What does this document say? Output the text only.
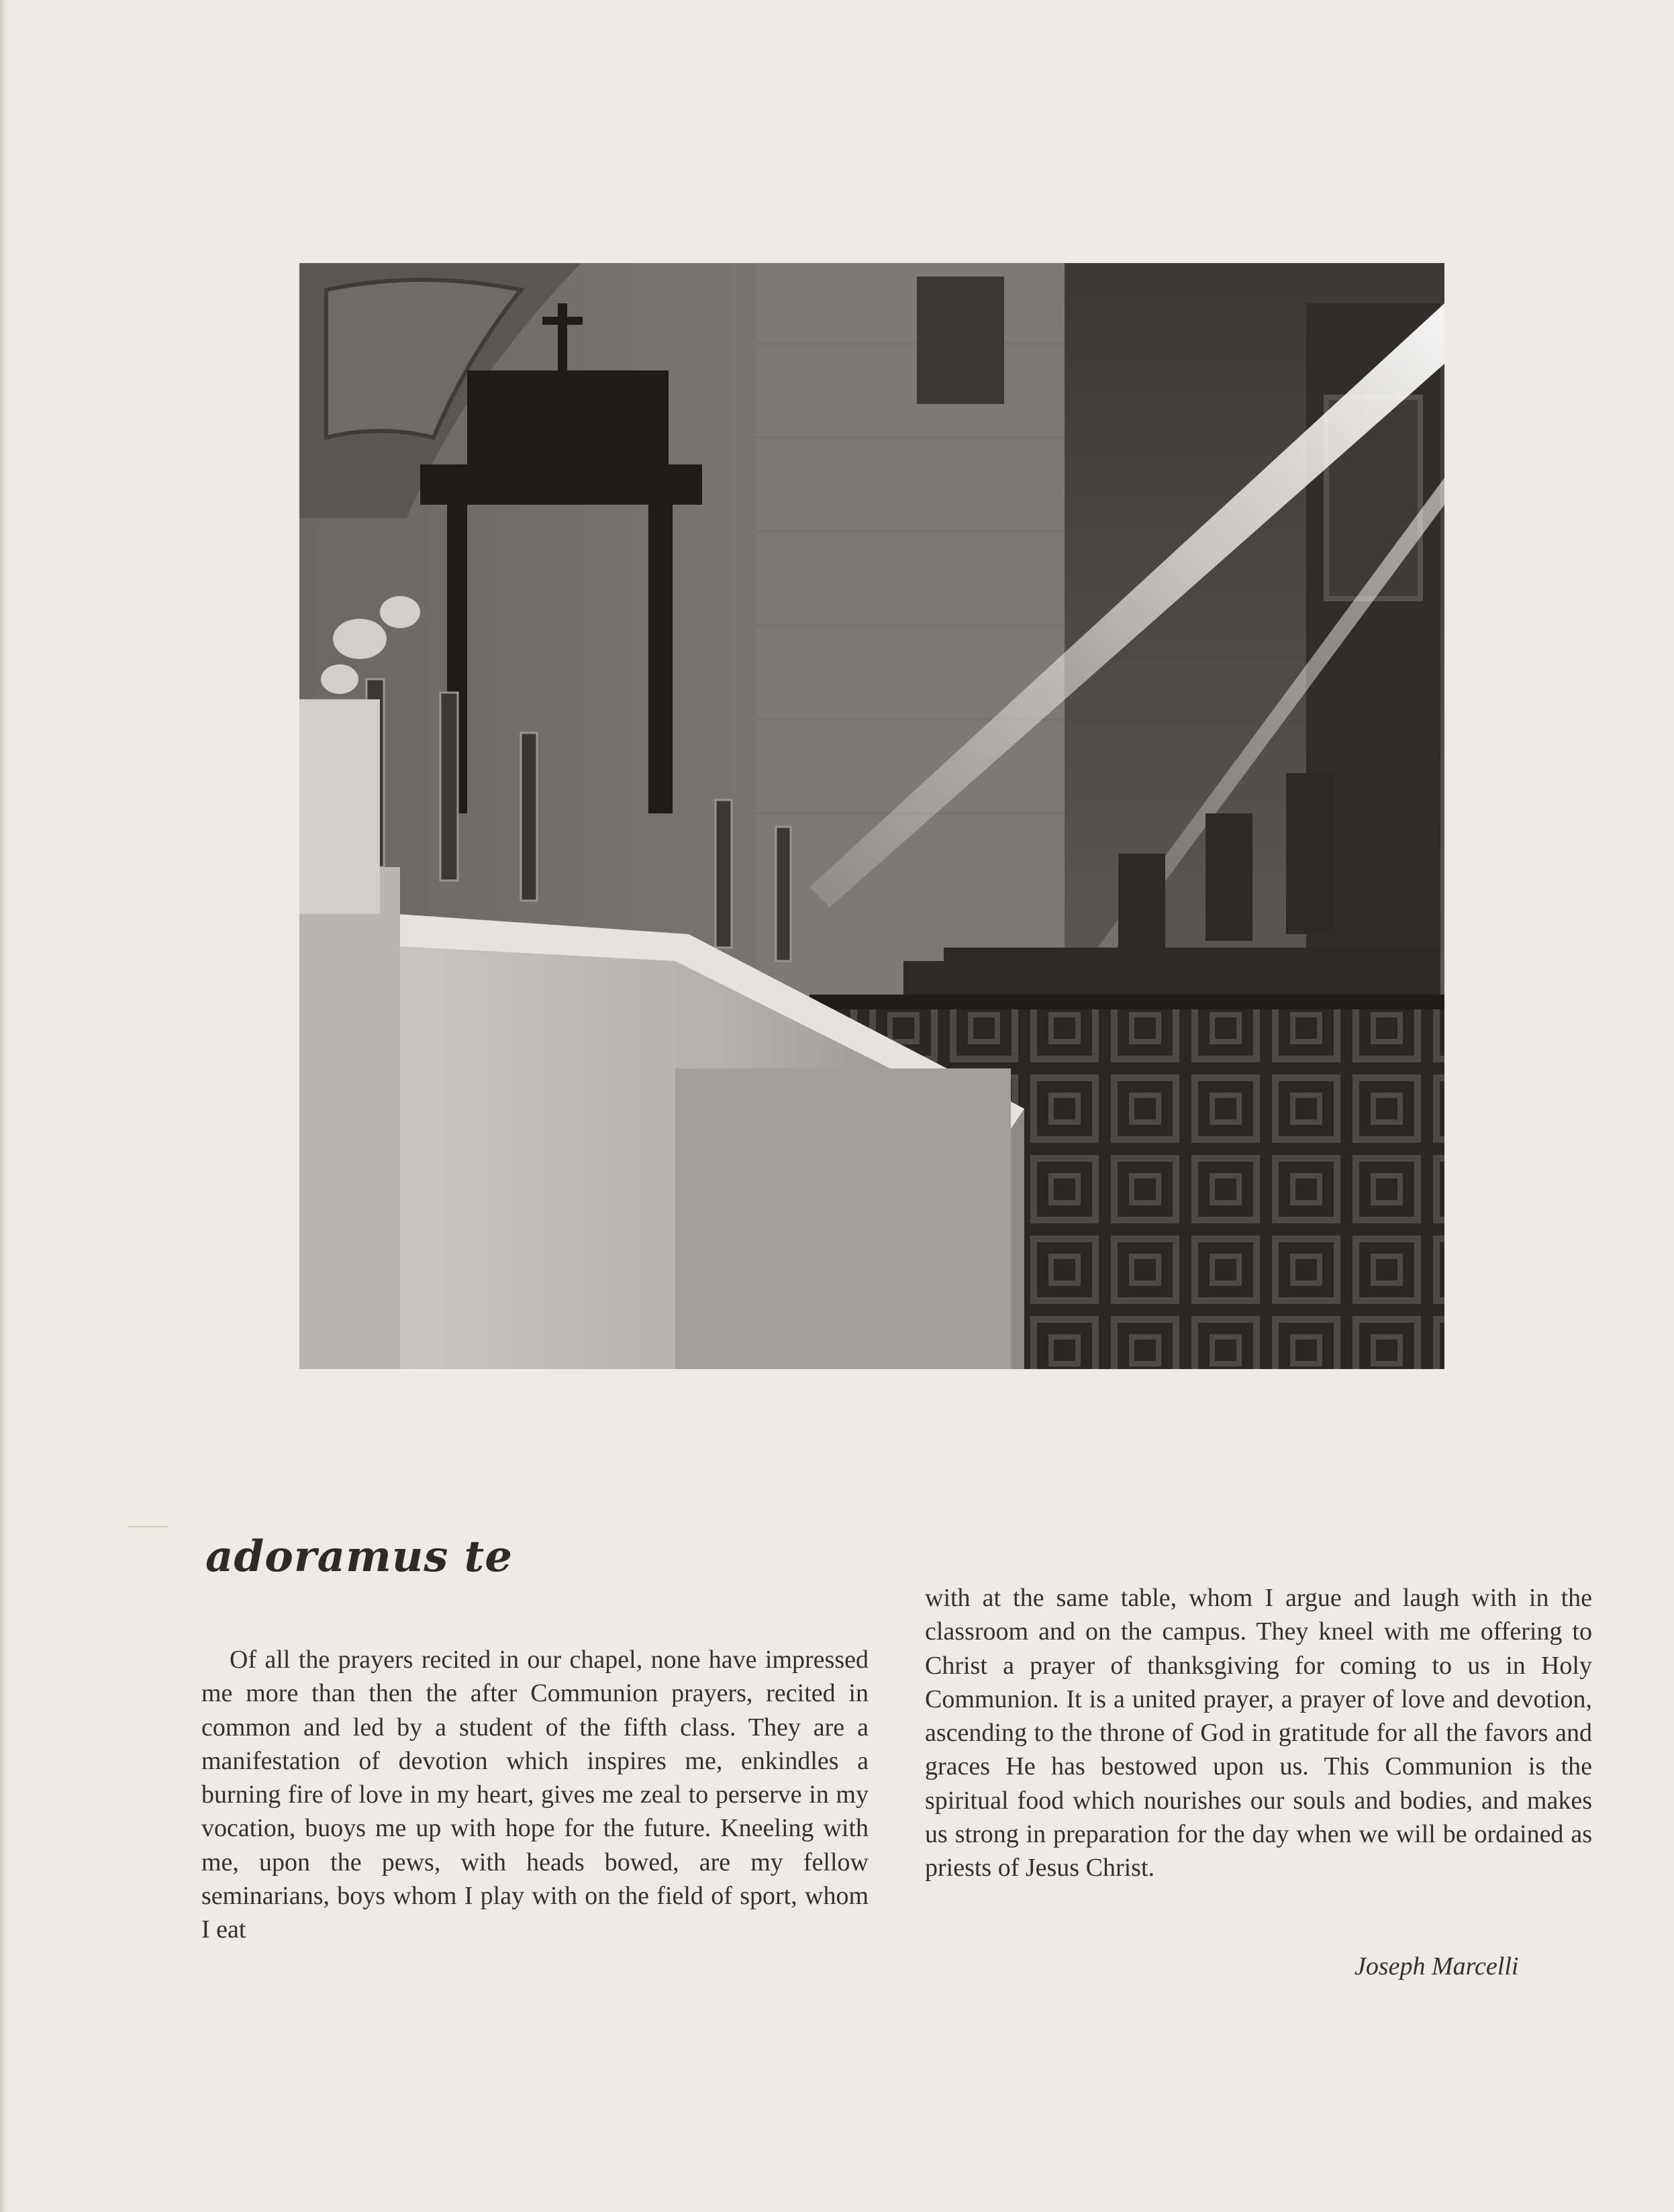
adoramus te

Of all the prayers recited in our chapel, none have impressed me more than then the after Communion prayers, recited in common and led by a student of the fifth class. They are a manifestation of devotion which inspires me, enkindles a burning fire of love in my heart, gives me zeal to perserve in my vocation, buoys me up with hope for the future. Kneeling with me, upon the pews, with heads bowed, are my fellow seminarians, boys whom I play with on the field of sport, whom I eat

with at the same table, whom I argue and laugh with in the classroom and on the campus. They kneel with me offering to Christ a prayer of thanksgiving for coming to us in Holy Communion. It is a united prayer, a prayer of love and devotion, ascending to the throne of God in gratitude for all the favors and graces He has bestowed upon us. This Communion is the spiritual food which nourishes our souls and bodies, and makes us strong in preparation for the day when we will be ordained as priests of Jesus Christ.

Joseph Marcelli
